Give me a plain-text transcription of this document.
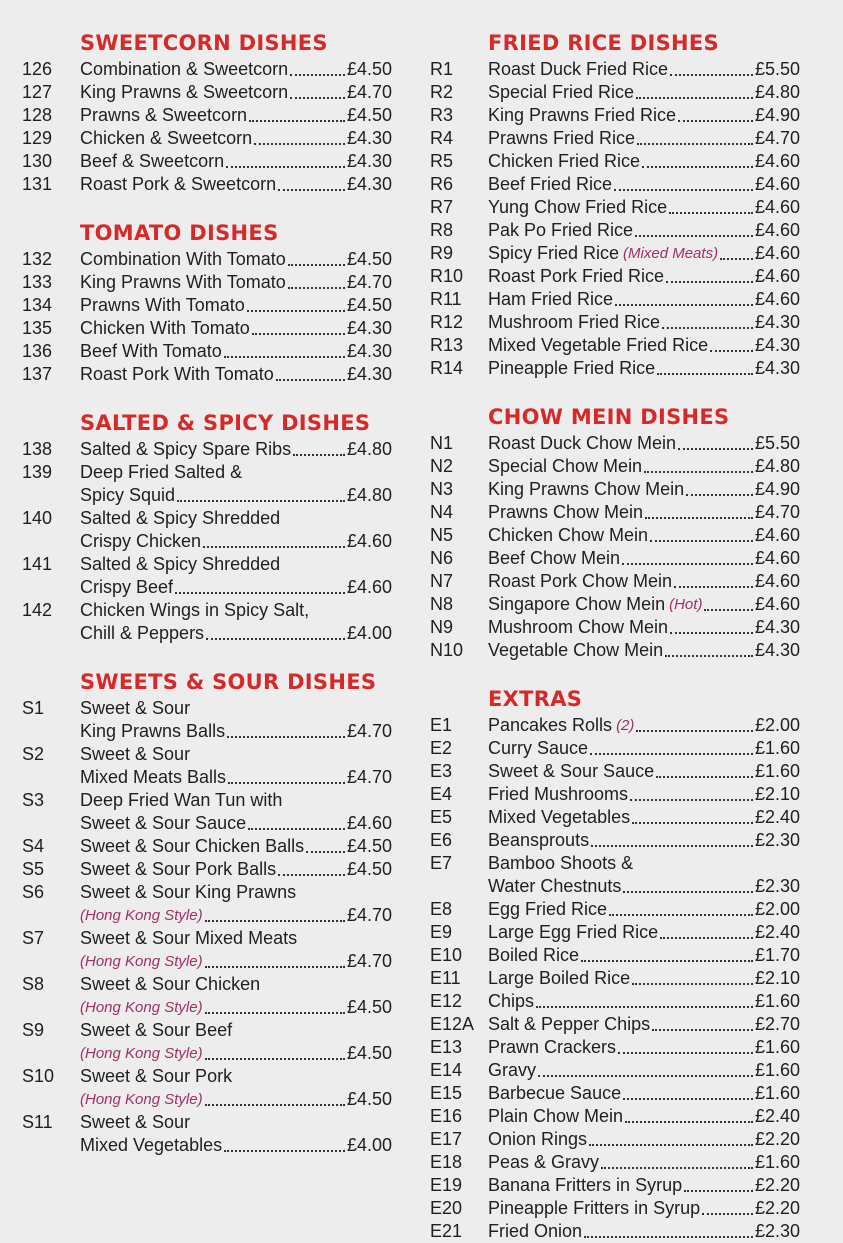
SWEETCORN DISHES
126	Combination & Sweetcorn	£4.50
127	King Prawns & Sweetcorn	£4.70
128	Prawns & Sweetcorn	£4.50
129	Chicken & Sweetcorn	£4.30
130	Beef & Sweetcorn	£4.30
131	Roast Pork & Sweetcorn	£4.30
TOMATO DISHES
132	Combination With Tomato	£4.50
133	King Prawns With Tomato	£4.70
134	Prawns With Tomato	£4.50
135	Chicken With Tomato	£4.30
136	Beef With Tomato	£4.30
137	Roast Pork With Tomato	£4.30
SALTED & SPICY DISHES
138	Salted & Spicy Spare Ribs	£4.80
139	Deep Fried Salted &
Spicy Squid	£4.80
140	Salted & Spicy Shredded
Crispy Chicken	£4.60
141	Salted & Spicy Shredded
Crispy Beef	£4.60
142	Chicken Wings in Spicy Salt,
Chill & Peppers	£4.00
SWEETS & SOUR DISHES
S1	Sweet & Sour
King Prawns Balls	£4.70
S2	Sweet & Sour
Mixed Meats Balls	£4.70
S3	Deep Fried Wan Tun with
Sweet & Sour Sauce	£4.60
S4	Sweet & Sour Chicken Balls £4.50
S5	Sweet & Sour Pork Balls	£4.50
S6	Sweet & Sour King Prawns
(Hong Kong Style)	£4.70
S7	Sweet & Sour Mixed Meats
(Hong Kong Style)	£4.70
S8	Sweet & Sour Chicken
(Hong Kong Style)	£4.50
S9	Sweet & Sour Beef
(Hong Kong Style)	£4.50
S10	Sweet & Sour Pork
(Hong Kong Style)	£4.50
S11	Sweet & Sour
Mixed Vegetables	£4.00
FRIED RICE DISHES
R1	Roast Duck Fried Rice	£5.50
R2	Special Fried Rice	£4.80
R3	King Prawns Fried Rice	£4.90
R4	Prawns Fried Rice	£4.70
R5	Chicken Fried Rice	£4.60
R6	Beef Fried Rice	£4.60
R7	Yung Chow Fried Rice	£4.60
R8	Pak Po Fried Rice	£4.60
R9	Spicy Fried Rice (Mixed Meats) £4.60
R10	Roast Pork Fried Rice	£4.60
R11	Ham Fried Rice	£4.60
R12	Mushroom Fried Rice	£4.30
R13	Mixed Vegetable Fried Rice	£4.30
R14	Pineapple Fried Rice	£4.30
CHOW MEIN DISHES
N1	Roast Duck Chow Mein	£5.50
N2	Special Chow Mein	£4.80
N3	King Prawns Chow Mein	£4.90
N4	Prawns Chow Mein	£4.70
N5	Chicken Chow Mein	£4.60
N6	Beef Chow Mein	£4.60
N7	Roast Pork Chow Mein	£4.60
N8	Singapore Chow Mein (Hot)	£4.60
N9	Mushroom Chow Mein	£4.30
N10	Vegetable Chow Mein	£4.30
EXTRAS
E1	Pancakes Rolls (2)	£2.00
E2	Curry Sauce	£1.60
E3	Sweet & Sour Sauce	£1.60
E4	Fried Mushrooms	£2.10
E5	Mixed Vegetables	£2.40
E6	Beansprouts	£2.30
E7	Bamboo Shoots &
Water Chestnuts	£2.30
E8	Egg Fried Rice	£2.00
E9	Large Egg Fried Rice	£2.40
E10	Boiled Rice	£1.70
E11	Large Boiled Rice	£2.10
E12	Chips	£1.60
E12A Salt & Pepper Chips	£2.70
E13	Prawn Crackers	£1.60
E14	Gravy	£1.60
E15	Barbecue Sauce	£1.60
E16	Plain Chow Mein	£2.40
E17	Onion Rings	£2.20
E18	Peas & Gravy	£1.60
E19	Banana Fritters in Syrup	£2.20
E20	Pineapple Fritters in Syrup	£2.20
E21	Fried Onion	£2.30
